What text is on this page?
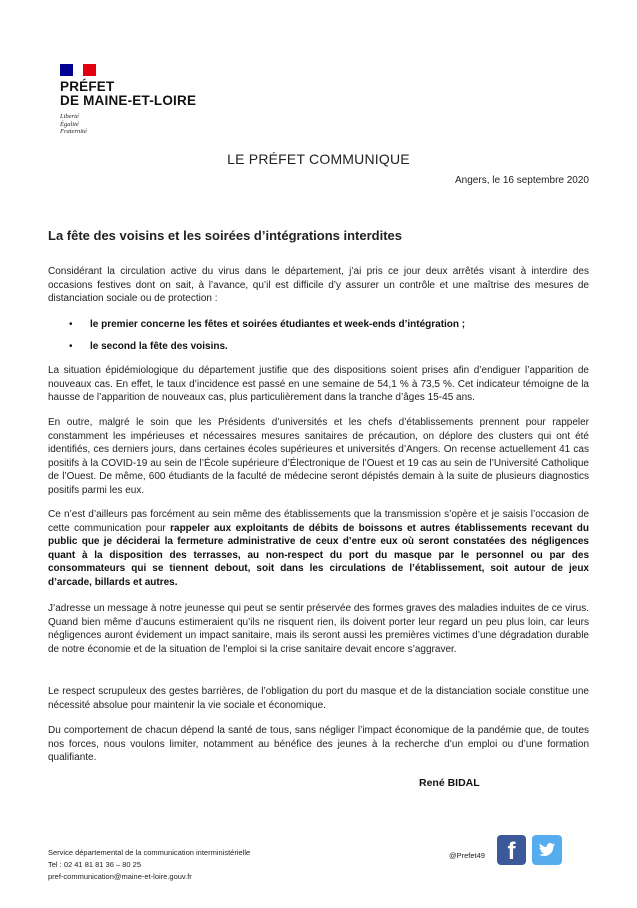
PRÉFET
DE MAINE-ET-LOIRE
Liberté
Égalité
Fraternité
LE PRÉFET COMMUNIQUE
Angers, le 16 septembre 2020
La fête des voisins et les soirées d’intégrations interdites
Considérant la circulation active du virus dans le département, j’ai pris ce jour deux arrêtés visant à interdire des occasions festives dont on sait, à l’avance, qu’il est difficile d’y assurer un contrôle et une maîtrise des mesures de distanciation sociale ou de protection :
• le premier concerne les fêtes et soirées étudiantes et week-ends d’intégration ;
• le second la fête des voisins.
La situation épidémiologique du département justifie que des dispositions soient prises afin d’endiguer l’apparition de nouveaux cas. En effet, le taux d’incidence est passé en une semaine de 54,1 % à 73,5 %. Cet indicateur témoigne de la hausse de l’apparition de nouveaux cas, plus particulièrement dans la tranche d’âges 15-45 ans.
En outre, malgré le soin que les Présidents d’universités et les chefs d’établissements prennent pour rappeler constamment les impérieuses et nécessaires mesures sanitaires de précaution, on déplore des clusters qui ont été identifiés, ces derniers jours, dans certaines écoles supérieures et universités d’Angers. On recense actuellement 41 cas positifs à la COVID-19 au sein de l’École supérieure d’Électronique de l’Ouest et 19 cas au sein de l’Université Catholique de l’Ouest. De même, 600 étudiants de la faculté de médecine seront dépistés demain à la suite de plusieurs diagnostics positifs parmi les eux.
Ce n’est d’ailleurs pas forcément au sein même des établissements que la transmission s’opère et je saisis l’occasion de cette communication pour rappeler aux exploitants de débits de boissons et autres établissements recevant du public que je déciderai la fermeture administrative de ceux d’entre eux où seront constatées des négligences quant à la disposition des terrasses, au non-respect du port du masque par le personnel ou par des consommateurs qui se tiennent debout, soit dans les circulations de l’établissement, soit autour de jeux d’arcade, billards et autres.
J’adresse un message à notre jeunesse qui peut se sentir préservée des formes graves des maladies induites de ce virus. Quand bien même d’aucuns estimeraient qu’ils ne risquent rien, ils doivent porter leur regard un peu plus loin, car leurs négligences auront évidement un impact sanitaire, mais ils seront aussi les premières victimes d’une dégradation durable de notre économie et de la situation de l’emploi si la crise sanitaire devait encore s’aggraver.
Le respect scrupuleux des gestes barrières, de l’obligation du port du masque et de la distanciation sociale constitue une nécessité absolue pour maintenir la vie sociale et économique.
Du comportement de chacun dépend la santé de tous, sans négliger l’impact économique de la pandémie que, de toutes nos forces, nous voulons limiter, notamment au bénéfice des jeunes à la recherche d’un emploi ou d’une formation qualifiante.
René BIDAL
Service départemental de la communication interministérielle
Tel : 02 41 81 81 36 – 80 25
pref-communication@maine-et-loire.gouv.fr
@Prefet49 f
